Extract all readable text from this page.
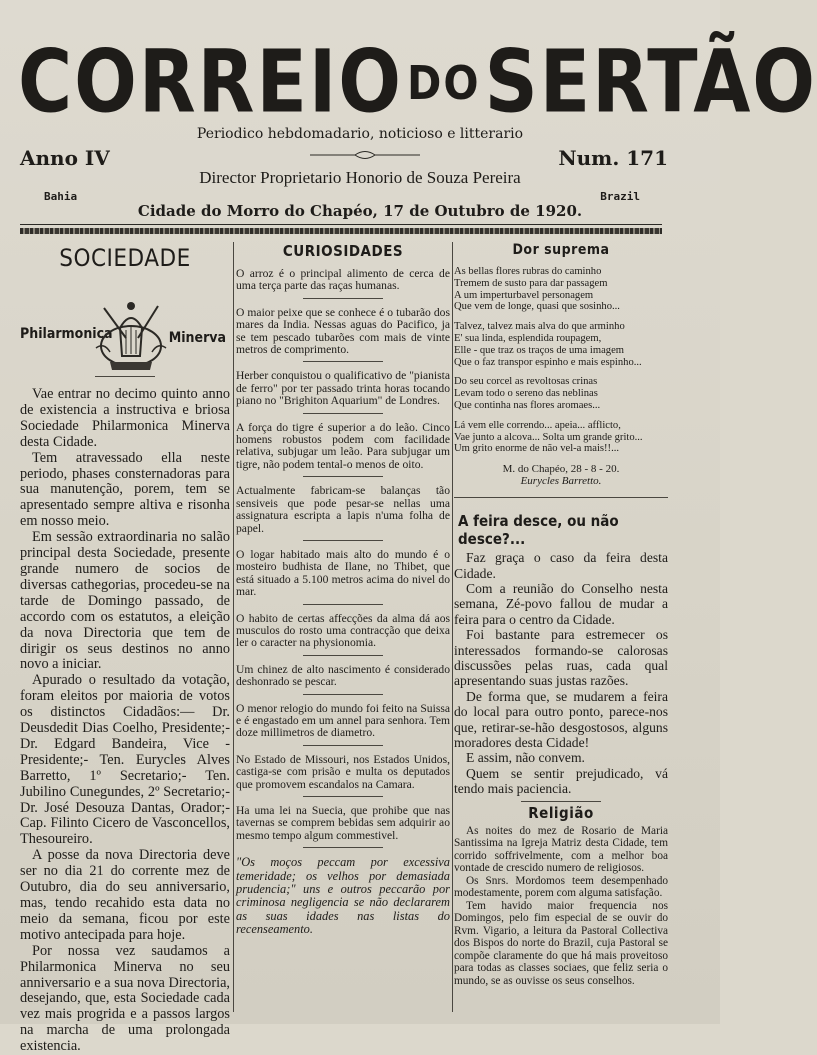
CORREIODOSERTÃO
Periodico hebdomadario, noticioso e litterario
Anno IV	Num. 171
Bahia	Brazil
Director Proprietario Honorio de Souza Pereira
Cidade do Morro do Chapéo, 17 de Outubro de 1920.
SOCIEDADE
Philarmonica	Minerva

Vae entrar no decimo quinto anno de existencia a instructiva e briosa Sociedade Philarmonica Minerva desta Cidade.

Tem atravessado ella neste periodo, phases consternadoras para sua manutenção, porem, tem se apresentado sempre altiva e risonha em nosso meio.

Em sessão extraordinaria no salão principal desta Sociedade, presente grande numero de socios de diversas cathegorias, procedeu-se na tarde de Domingo passado, de accordo com os estatutos, a eleição da nova Directoria que tem de dirigir os seus destinos no anno novo a iniciar.

Apurado o resultado da votação, foram eleitos por maioria de votos os distinctos Cidadãos:— Dr. Deusdedit Dias Coelho, Presidente;- Dr. Edgard Bandeira, Vice - Presidente;- Ten. Eurycles Alves Barretto, 1º Secretario;- Ten. Jubilino Cunegundes, 2º Secretario;- Dr. José Desouza Dantas, Orador;- Cap. Filinto Cicero de Vasconcellos, Thesoureiro.

A posse da nova Directoria deve ser no dia 21 do corrente mez de Outubro, dia do seu anniversario, mas, tendo recahido esta data no meio da semana, ficou por este motivo antecipada para hoje.

Por nossa vez saudamos a Philarmonica Minerva no seu anniversario e a sua nova Directoria, desejando, que, esta Sociedade cada vez mais progrida e a passos largos na marcha de uma prolongada existencia.

CURIOSIDADES

O arroz é o principal alimento de cerca de uma terça parte das raças humanas.

O maior peixe que se conhece é o tubarão dos mares da India. Nessas aguas do Pacifico, ja se tem pescado tubarões com mais de vinte metros de comprimento.

Herber conquistou o qualificativo de "pianista de ferro" por ter passado trinta horas tocando piano no "Brighiton Aquarium" de Londres.

A força do tigre é superior a do leão. Cinco homens robustos podem com facilidade relativa, subjugar um leão. Para subjugar um tigre, não podem tental-o menos de oito.

Actualmente fabricam-se balanças tão sensiveis que pode pesar-se nellas uma assignatura escripta a lapis n'uma folha de papel.

O logar habitado mais alto do mundo é o mosteiro budhista de Ilane, no Thibet, que está situado a 5.100 metros acima do nivel do mar.

O habito de certas affecções da alma dá aos musculos do rosto uma contracção que deixa ler o caracter na physionomia.

Um chinez de alto nascimento é considerado deshonrado se pescar.

O menor relogio do mundo foi feito na Suissa e é engastado em um annel para senhora. Tem doze millimetros de diametro.

No Estado de Missouri, nos Estados Unidos, castiga-se com prisão e multa os deputados que promovem escandalos na Camara.

Ha uma lei na Suecia, que prohibe que nas tavernas se comprem bebidas sem adquirir ao mesmo tempo algum commestivel.

"Os moços peccam por excessiva temeridade; os velhos por demasiada prudencia;" uns e outros peccarão por criminosa negligencia se não declararem as suas idades nas listas do recenseamento.

Dor suprema
As bellas flores rubras do caminho
Tremem de susto para dar passagem
A um imperturbavel personagem
Que vem de longe, quasi que sosinho...
Talvez, talvez mais alva do que arminho
E' sua linda, esplendida roupagem,
Elle - que traz os traços de uma imagem
Que o faz transpor espinho e mais espinho...
Do seu corcel as revoltosas crinas
Levam todo o sereno das neblinas
Que continha nas flores aromaes...
Lá vem elle correndo... apeia... afflicto,
Vae junto a alcova... Solta um grande grito...
Um grito enorme de não vel-a mais!!...
M. do Chapéo, 28 - 8 - 20.
Eurycles Barretto.
A feira desce, ou não desce?...

Faz graça o caso da feira desta Cidade.

Com a reunião do Conselho nesta semana, Zé-povo fallou de mudar a feira para o centro da Cidade.

Foi bastante para estremecer os interessados formando-se calorosas discussões pelas ruas, cada qual apresentando suas justas razões.

De forma que, se mudarem a feira do local para outro ponto, parece-nos que, retirar-se-hão desgostosos, alguns moradores desta Cidade!

E assim, não convem.

Quem se sentir prejudicado, vá tendo mais paciencia.

Religião

As noites do mez de Rosario de Maria Santissima na Igreja Matriz desta Cidade, tem corrido soffrivelmente, com a melhor boa vontade de crescido numero de religiosos.

Os Snrs. Mordomos teem desempenhado modestamente, porem com alguma satisfação.

Tem havido maior frequencia nos Domingos, pelo fim especial de se ouvir do Rvm. Vigario, a leitura da Pastoral Collectiva dos Bispos do norte do Brazil, cuja Pastoral se compõe claramente do que há mais proveitoso para todas as classes sociaes, que feliz seria o mundo, se as ouvisse os seus conselhos.
